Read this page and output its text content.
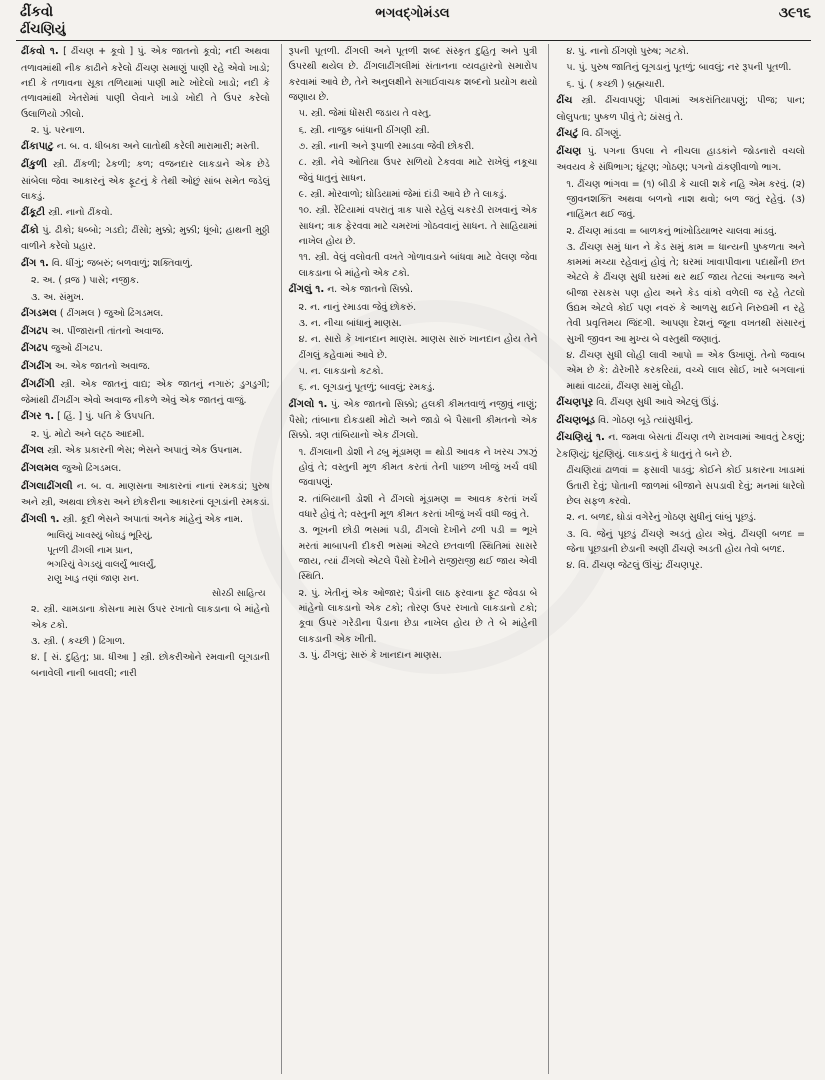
ઢીંકવો
ઢીંચણિયું
ભગવદ્ગોમંડલ	૩૯૧૬
ઢીંકવો ૧. [ ઢીંચણ + કૂવો ] પું. એક જાતનો કૂવો; નદી અથવા તળાવમાંથી નીક કાઢીને કરેલો ઢીંચણ સમાણું પાણી રહે એવો ખાડો; નદી કે તળાવના સૂકા તળિયામાં પાણી માટે ખોદેલો ખાડો; નદી કે તળાવમાંથી ખેતરોમાં પાણી લેવાને ખાડો ખોદી તે ઉપર કરેલો ઉલાળિયો ઝીલો.
૨. પું. પરનાળ.
ઢીંકાપાટુ ન. બ. વ. ધીબકા અને લાતોથી કરેલી મારામારી; મસ્તી.
ઢીંકુળી સ્ત્રી. ઢીંકળી; ઢેકળી; કળ; વજનદાર લાકડાને એક છેડે સાંબેલા જેવા આકારનું એક ફૂટનું કે તેથી ઓછું સાંબ સમેત જડેલું લાકડું.
ઢીંકૂટી સ્ત્રી. નાનો ઢીંકવો.
ઢીંકો પું. ઢીકો; ધબ્બો; ગડદો; ઢીંસો; મુક્કો; મુક્કી; ધૂંબો; હાથની મુઠ્ઠી વાળીને કરેલો પ્રહાર.
ઢીંગ ૧. વિ. ધીંગું; જબરું; બળવાળું; શક્તિવાળું.
૨. અ. ( વ્રજ ) પાસે; નજીક.
૩. અ. સંમુખ.
ઢીંગડમલ ( ઢીંગમલ ) જુઓ ઢિંગડમલ.
ઢીંગઢપ અ. પીંજારાની તાંતનો અવાજ.
ઢીંગઢપ જુઓ ઢીંગઢપ.
ઢીંગઢીંગ અ. એક જાતનો અવાજ.
ઢીંગઢીંગી સ્ત્રી. એક જાતનું વાદ્ય; એક જાતનું નગારું; ડુગડુગી; જેમાંથી ઢીંગઢીંગ એવો અવાજ નીકળે એવું એક જાતનું વાજું.
ઢીંગર ૧. [ હિં. ] પું. પતિ કે ઉપપતિ.
૨. પું. મોટો અને લટ્ઠ આદમી.
ઢીંગલ સ્ત્રી. એક પ્રકારની ભેસ; ભેસને અપાતું એક ઉપનામ.
ઢીંગલમલ જુઓ ઢિંગડમલ.
ઢીંગલાઢીંગલી ન. બ. વ. માણસના આકારનાં નાનાં રમકડાં; પુરુષ અને સ્ત્રી, અથવા છોકરા અને છોકરીના આકારનાં લૂગડાંની રમકડાં.
ઢીંગલી ૧. સ્ત્રી. કૂદી ભેસને અપાતાં અનેક માંહેનું એક નામ.
ભાલિયું ખાવસ્યું બોઘડું ભૂરિયું,
પૂતળી ઢીંગલી નામ પ્રાન,
ભગરિયું વેગડયું વાલર્યું ભાલર્યું,
રાણુ ખાડુ તણાં જાણ રાન.
સોરઠી સાહિત્ય
૨. સ્ત્રી. ચામડાના કોસના માસ ઉપર રખાતો લાકડાના બે માંહેનો એક ટકો.
૩. સ્ત્રી. ( કચ્છી ) ઢિંગાળ.
૪. [ સં. દુહિતૃ; પ્રા. ધીઆ ] સ્ત્રી. છોકરીઓને રમવાની લૂગડાની બનાવેલી નાની બાવલી; નારી
રૂપની પૂતળી. ઢીંગલી અને પૂતળી શબ્દ સંસ્કૃત દુહિતૃ અને પુત્રી ઉપરથી થયેલ છે. ઢીંગલાઢીંગલીમાં સંતાનના વ્યવહારનો સમારોપ કરવામાં આવે છે, તેને અનુલક્ષીને સગાઈવાચક શબ્દનો પ્રયોગ થયો જણાય છે.
૫. સ્ત્રી. જેમાં ધોંસરી જડાય તે વસ્તુ.
૬. સ્ત્રી. નાજુક બાંધાની ઠીંગણી સ્ત્રી.
૭. સ્ત્રી. નાની અને રૂપાળી રમાડવા જેવી છોકરી.
૮. સ્ત્રી. નેવે ઓતિયા ઉપર સળિયો ટેકવવા માટે રાખેલું નકૂચા જેવું ધાતુનું સાધન.
૯. સ્ત્રી. મોરવાળો; ઘોડિયામાં જેમાં દાંડી આવે છે તે લાકડું.
૧૦. સ્ત્રી. રેંટિયામાં વપરાતું ત્રાક પાસે રહેલું ચકરડી રાખવાનું એક સાધન; ત્રાક ફેરવવા માટે ચમરખાં ગોઠવવાનું સાધન. તે સાહિયામાં નાખેલ હોય છે.
૧૧. સ્ત્રી. વેલું વલોવતી વખતે ગોળાવડાને બાંધવા માટે વેલણ જેવા લાકડાના બે માંહેનો એક ટકો.
ઢીંગલું ૧. ન. એક જાતનો સિક્કો.
૨. ન. નાનું રમાડવા જેવું છોકરું.
૩. ન. નીચા બાંધાનું માણસ.
૪. ન. સારો કે ખાનદાન માણસ. માણસ સારું ખાનદાન હોય તેને ઢીંગલું કહેવામાં આવે છે.
૫. ન. લાકડાનો કટકો.
૬. ન. લૂગડાનું પૂતળું; બાવલું; રમકડું.
ઢીંગલો ૧. પું. એક જાતનો સિક્કો; હલકી કીમતવાળું નજીવું નાણું; પૈસો; તાંબાના દોકડાથી મોટો અને જાડો બે પૈસાની કીમતનો એક સિક્કો. ત્રણ તાંબિયાનો એક ઢીંગલો.
૧. ઢીંગલાની ડોશી ને ઢબુ મૂંડામણ = થોડી આવક ને ખરચ ઝાઝું હોવું તે; વસ્તુની મૂળ કીમત કરતાં તેની પાછળ ખીજું ખર્ચ વધી જવાપણું.
૨. તાંબિયાની ડોશી ને ઢીંગલો મૂંડામણ = આવક કરતાં ખર્ચ વધારે હોવું તે; વસ્તુની મૂળ કીમત કરતાં ખીજું ખર્ચ વધી જવું તે.
૩. ભૂખની છોડી ભસમાં પડી, ઢીંગલો દેખીને ઢળી પડી = ભૂખે મરતાં માબાપની દીકરી ભસમાં એટલે છતવાળી સ્થિતિમાં સાસરે જાય, ત્યાં ઢીંગલો એટલે પૈસો દેખીને રાજીરાજી થઈ જાય એવી સ્થિતિ.
૨. પું. ખેતીનું એક ઓજાર; પૈડાંની લાઠ ફરવાના ફૂટ જેવડા બે માંહેનો લાકડાનો એક ટકો; તોરણ ઉપર રખાતો લાકડાનો ટકો; કૂવા ઉપર ગરેડીના પૈડાના છેડા નાખેલ હોય છે તે બે માંહેની લાકડાની એક ખીતી.
૩. પું. ઢીંગલું; સારું કે ખાનદાન માણસ.
૪. પું. નાનો ઠીંગણો પુરુષ; ગટકો.
૫. પું. પુરુષ જાતિનું લૂગડાનું પૂતળું; બાવલું; નર રૂપની પૂતળી.
૬. પું. ( કચ્છી ) બ્રહ્મચારી.
ઢીંચ સ્ત્રી. ઢીંચવાપણું; પીવામાં અકરાંતિયાપણું; પીજ; પાન; લોલુપતા; પુષ્કળ પીવું તે; ઠાંસવું તે.
ઢીંચટું વિ. ઠીંગણું.
ઢીંચણ પું. પગના ઉપલા ને નીચલા હાડકાંને જોડનારો વચલો અવયવ કે સંધિભાગ; ઘૂંટણ; ગોઠણ; પગનો ઢાંકણીવાળો ભાગ.
૧. ઢીંચણ ભાંગવા = (૧) બીડી કે ચાલી શકે નહિ એમ કરવું. (૨) જીવનશક્તિ અથવા બળનો નાશ થવો; બળ જતું રહેવું. (૩) નાહિંમત થઈ જવું.
૨. ઢીંચણ માંડવા = બાળકનું ભાંખોડિયાભર ચાલવા માંડવું.
૩. ઢીંચણ સમું ધાન ને કેડ સમું કામ = ધાન્યની પુષ્કળતા અને કામમાં મચ્યા રહેવાનું હોવું તે; ઘરમાં ખાવાપીવાના પદાર્થોની છત એટલે કે ઢીંચણ સુધી ઘરમાં થર થઈ જાય તેટલાં અનાજ અને બીજા રસકસ પણ હોય અને કેડ વાંકો વળેલી જ રહે તેટલો ઉદ્યમ એટલે કોઈ પણ નવરું કે આળસુ થઈને નિરુદ્યમી ન રહે તેવી પ્રવૃત્તિમય જિંદગી. આપણા દેશનું જૂના વખતથી સંસારનું સુખી જીવન આ મુખ્ય બે વસ્તુથી જણાતું.
૪. ઢીંચણ સુધી લોહી લાવી આપો = એક ઉખાણું. તેનો જવાબ એમ છે કે: ઢોરેખીરે કરકરિયાં, વચ્ચે લાલ સોઈ, ખારે બગલાનાં માથાં વાઢયાં, ઢીંચણ સામું લોહી.
ઢીંચણપૂર વિ. ઢીંચણ સુધી આવે એટલું ઊંડું.
ઢીંચણબૂડ વિ. ગોઠણ બૂડે ત્યાંસુધીનું.
ઢીંચણિયું ૧. ન. જમવા બેસતાં ઢીંચણ તળે રાખવામાં આવતું ટેકણું; ટેકણિયું; ઘૂંટણિયું. લાકડાનું કે ધાતુનું તે બને છે.
ઢીંચણિયાં ઢાળવાં = ફસાવી પાડવું; કોઈને કોઈ પ્રકારના ખાડામાં ઉતારી દેવું; પોતાની જાળમાં બીજાને સપડાવી દેવું; મનમાં ધારેલો છેલ સફળ કરવો.
૨. ન. બળદ, ઘોડાં વગેરેનું ગોઠણ સુધીનું લાંબું પૂછડું.
૩. વિ. જેનું પૂછડું ઢીંચણે અડતું હોય એવું. ઢીંચણી બળદ = જેના પૂછડાની છેડાની અણી ઢીંચણે અડતી હોય તેવો બળદ.
૪. વિ. ઢીંચણ જેટલું ઊંચું; ઢીંચણપૂર.
